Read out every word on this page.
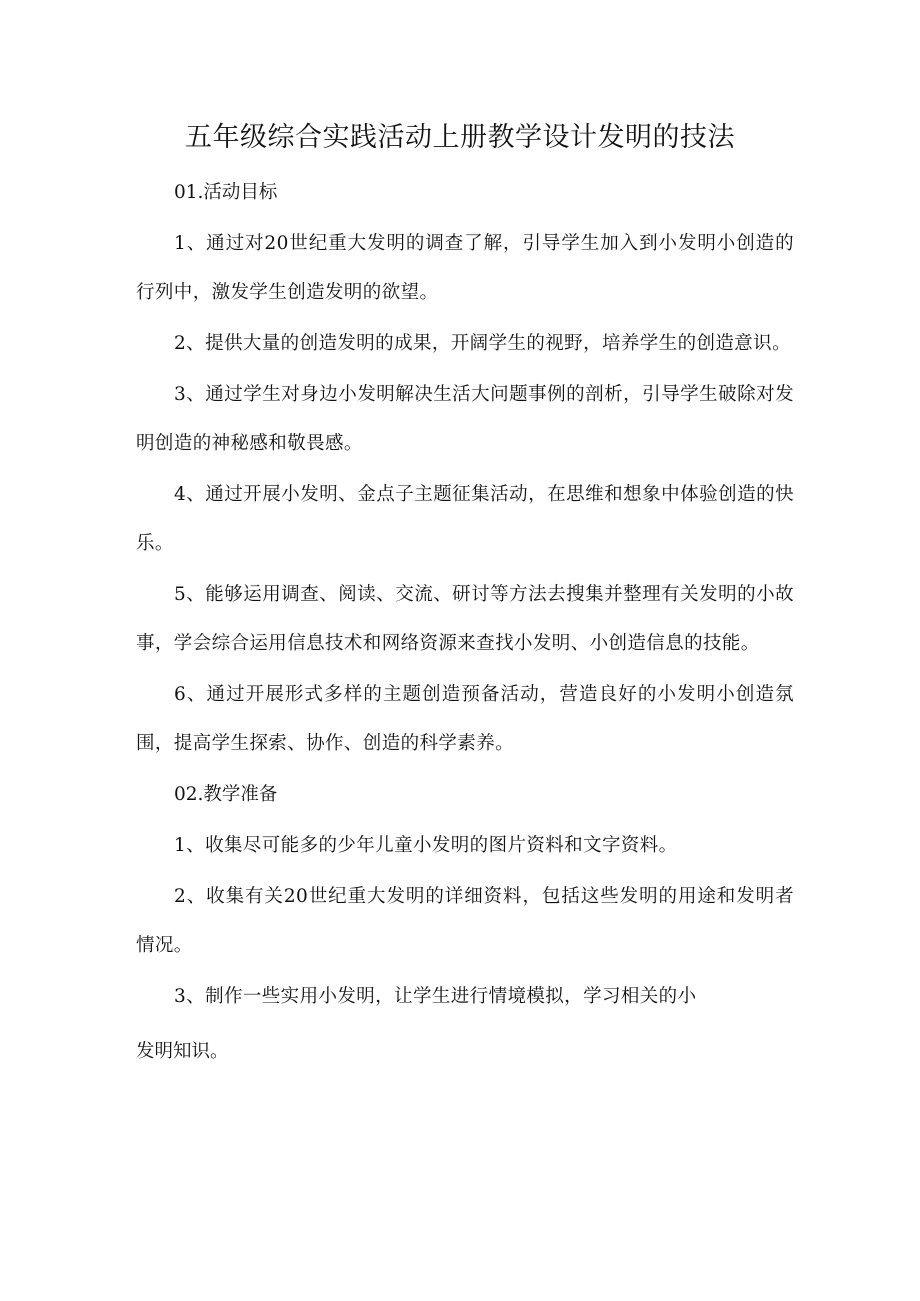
五年级综合实践活动上册教学设计发明的技法

01.活动目标

1、通过对20世纪重大发明的调查了解，引导学生加入到小发明小创造的行列中，激发学生创造发明的欲望。

2、提供大量的创造发明的成果，开阔学生的视野，培养学生的创造意识。

3、通过学生对身边小发明解决生活大问题事例的剖析，引导学生破除对发明创造的神秘感和敬畏感。

4、通过开展小发明、金点子主题征集活动，在思维和想象中体验创造的快乐。

5、能够运用调查、阅读、交流、研讨等方法去搜集并整理有关发明的小故事，学会综合运用信息技术和网络资源来查找小发明、小创造信息的技能。

6、通过开展形式多样的主题创造预备活动，营造良好的小发明小创造氛围，提高学生探索、协作、创造的科学素养。

02.教学准备

1、收集尽可能多的少年儿童小发明的图片资料和文字资料。

2、收集有关20世纪重大发明的详细资料，包括这些发明的用途和发明者情况。

3、制作一些实用小发明，让学生进行情境模拟，学习相关的小

发明知识。
